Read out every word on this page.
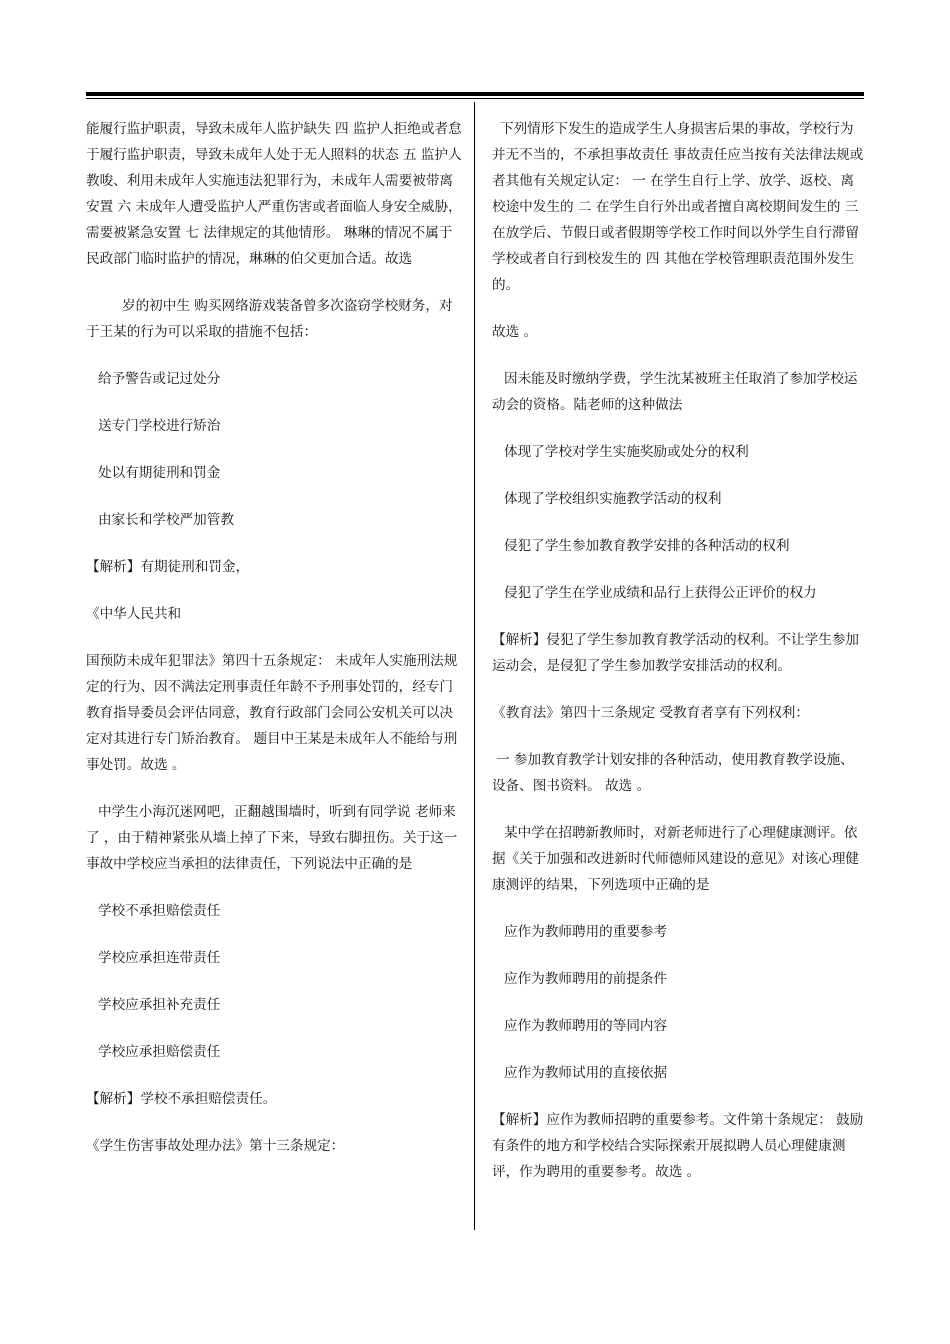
能履行监护职责，导致未成年人监护缺失 四 监护人拒绝或者怠于履行监护职责，导致未成年人处于无人照料的状态 五 监护人教唆、利用未成年人实施违法犯罪行为，未成年人需要被带离安置 六 未成年人遭受监护人严重伤害或者面临人身安全威胁，需要被紧急安置 七 法律规定的其他情形。 琳琳的情况不属于民政部门临时监护的情况，琳琳的伯父更加合适。故选

岁的初中生 购买网络游戏装备曾多次盗窃学校财务，对于王某的行为可以采取的措施不包括：

给予警告或记过处分

送专门学校进行矫治

处以有期徒刑和罚金

由家长和学校严加管教

【解析】有期徒刑和罚金，

《中华人民共和

国预防未成年犯罪法》第四十五条规定： 未成年人实施刑法规定的行为、因不满法定刑事责任年龄不予刑事处罚的，经专门教育指导委员会评估同意，教育行政部门会同公安机关可以决定对其进行专门矫治教育。 题目中王某是未成年人不能给与刑事处罚。故选 。

中学生小海沉迷网吧，正翻越围墙时，听到有同学说 老师来了 ，由于精神紧张从墙上掉了下来，导致右脚扭伤。关于这一事故中学校应当承担的法律责任，下列说法中正确的是

学校不承担赔偿责任

学校应承担连带责任

学校应承担补充责任

学校应承担赔偿责任

【解析】学校不承担赔偿责任。

《学生伤害事故处理办法》第十三条规定：

下列情形下发生的造成学生人身损害后果的事故，学校行为并无不当的，不承担事故责任 事故责任应当按有关法律法规或者其他有关规定认定： 一 在学生自行上学、放学、返校、离校途中发生的 二 在学生自行外出或者擅自离校期间发生的 三 在放学后、节假日或者假期等学校工作时间以外学生自行滞留学校或者自行到校发生的 四 其他在学校管理职责范围外发生的。

故选 。

因未能及时缴纳学费，学生沈某被班主任取消了参加学校运动会的资格。陆老师的这种做法

体现了学校对学生实施奖励或处分的权利

体现了学校组织实施教学活动的权利

侵犯了学生参加教育教学安排的各种活动的权利

侵犯了学生在学业成绩和品行上获得公正评价的权力

【解析】侵犯了学生参加教育教学活动的权利。不让学生参加运动会，是侵犯了学生参加教学安排活动的权利。

《教育法》第四十三条规定 受教育者享有下列权利：

一 参加教育教学计划安排的各种活动，使用教育教学设施、设备、图书资料。 故选 。

某中学在招聘新教师时，对新老师进行了心理健康测评。依据《关于加强和改进新时代师德师风建设的意见》对该心理健康测评的结果，下列选项中正确的是

应作为教师聘用的重要参考

应作为教师聘用的前提条件

应作为教师聘用的等同内容

应作为教师试用的直接依据

【解析】应作为教师招聘的重要参考。文件第十条规定： 鼓励有条件的地方和学校结合实际探索开展拟聘人员心理健康测评，作为聘用的重要参考。故选 。
